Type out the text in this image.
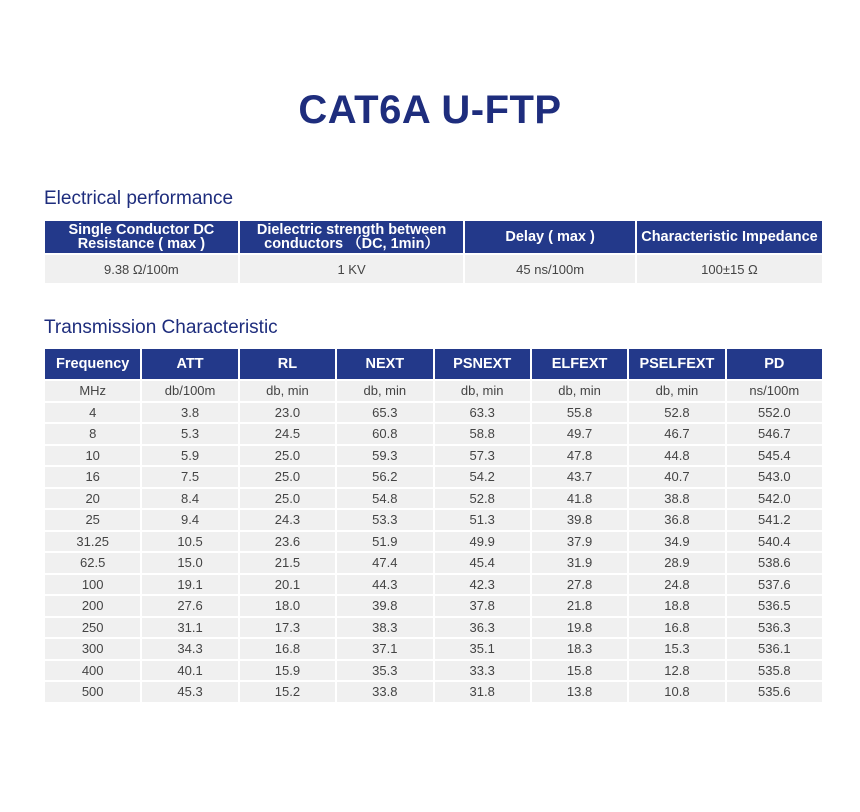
CAT6A U-FTP
Electrical performance
Single Conductor DC Resistance ( max )	Dielectric strength between conductors （DC, 1min）	Delay ( max )	Characteristic Impedance
9.38 Ω/100m	1 KV	45 ns/100m	100±15 Ω
Transmission Characteristic
Frequency	ATT	RL	NEXT	PSNEXT	ELFEXT	PSELFEXT	PD
MHz	db/100m	db, min	db, min	db, min	db, min	db, min	ns/100m
4	3.8	23.0	65.3	63.3	55.8	52.8	552.0
8	5.3	24.5	60.8	58.8	49.7	46.7	546.7
10	5.9	25.0	59.3	57.3	47.8	44.8	545.4
16	7.5	25.0	56.2	54.2	43.7	40.7	543.0
20	8.4	25.0	54.8	52.8	41.8	38.8	542.0
25	9.4	24.3	53.3	51.3	39.8	36.8	541.2
31.25	10.5	23.6	51.9	49.9	37.9	34.9	540.4
62.5	15.0	21.5	47.4	45.4	31.9	28.9	538.6
100	19.1	20.1	44.3	42.3	27.8	24.8	537.6
200	27.6	18.0	39.8	37.8	21.8	18.8	536.5
250	31.1	17.3	38.3	36.3	19.8	16.8	536.3
300	34.3	16.8	37.1	35.1	18.3	15.3	536.1
400	40.1	15.9	35.3	33.3	15.8	12.8	535.8
500	45.3	15.2	33.8	31.8	13.8	10.8	535.6
